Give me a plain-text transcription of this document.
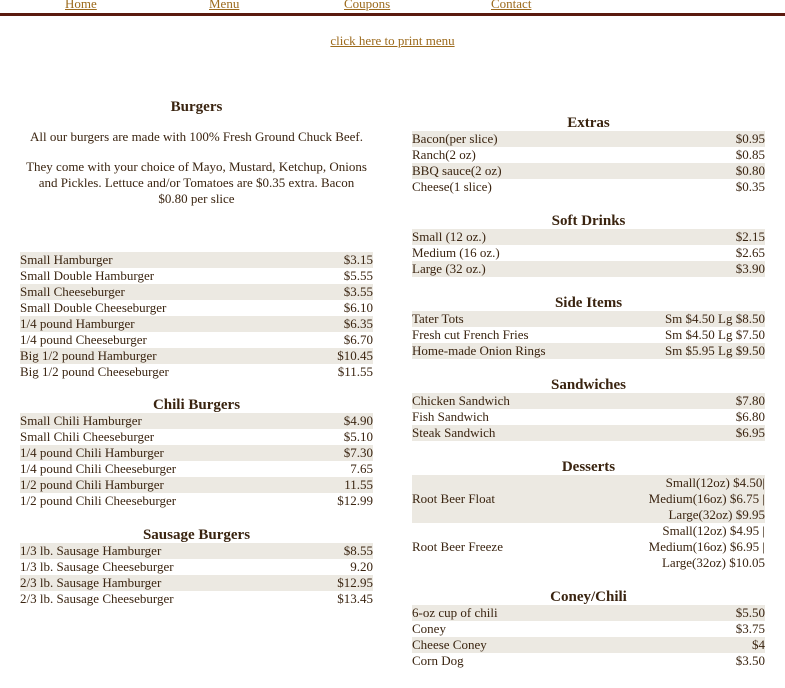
Home	Menu	Coupons	Contact
click here to print menu
Burgers
All our burgers are made with 100% Fresh Ground Chuck Beef.
They come with your choice of Mayo, Mustard, Ketchup, Onions and Pickles. Lettuce and/or Tomatoes are $0.35 extra. Bacon $0.80 per slice
Small Hamburger	$3.15
Small Double Hamburger	$5.55
Small Cheeseburger	$3.55
Small Double Cheeseburger	$6.10
1/4 pound Hamburger	$6.35
1/4 pound Cheeseburger	$6.70
Big 1/2 pound Hamburger	$10.45
Big 1/2 pound Cheeseburger	$11.55
Chili Burgers
Small Chili Hamburger	$4.90
Small Chili Cheeseburger	$5.10
1/4 pound Chili Hamburger	$7.30
1/4 pound Chili Cheeseburger	7.65
1/2 pound Chili Hamburger	11.55
1/2 pound Chili Cheeseburger	$12.99
Sausage Burgers
1/3 lb. Sausage Hamburger	$8.55
1/3 lb. Sausage Cheeseburger	9.20
2/3 lb. Sausage Hamburger	$12.95
2/3 lb. Sausage Cheeseburger	$13.45
Extras
Bacon(per slice)	$0.95
Ranch(2 oz)	$0.85
BBQ sauce(2 oz)	$0.80
Cheese(1 slice)	$0.35
Soft Drinks
Small (12 oz.)	$2.15
Medium (16 oz.)	$2.65
Large (32 oz.)	$3.90
Side Items
Tater Tots	Sm $4.50 Lg $8.50
Fresh cut French Fries	Sm $4.50 Lg $7.50
Home-made Onion Rings	Sm $5.95 Lg $9.50
Sandwiches
Chicken Sandwich	$7.80
Fish Sandwich	$6.80
Steak Sandwich	$6.95
Desserts
Root Beer Float	Small(12oz) $4.50|
Medium(16oz) $6.75 |
Large(32oz) $9.95

Root Beer Freeze	Small(12oz) $4.95 |
Medium(16oz) $6.95 |
Large(32oz) $10.05
Coney/Chili
6-oz cup of chili	$5.50
Coney	$3.75
Cheese Coney	$4
Corn Dog	$3.50
